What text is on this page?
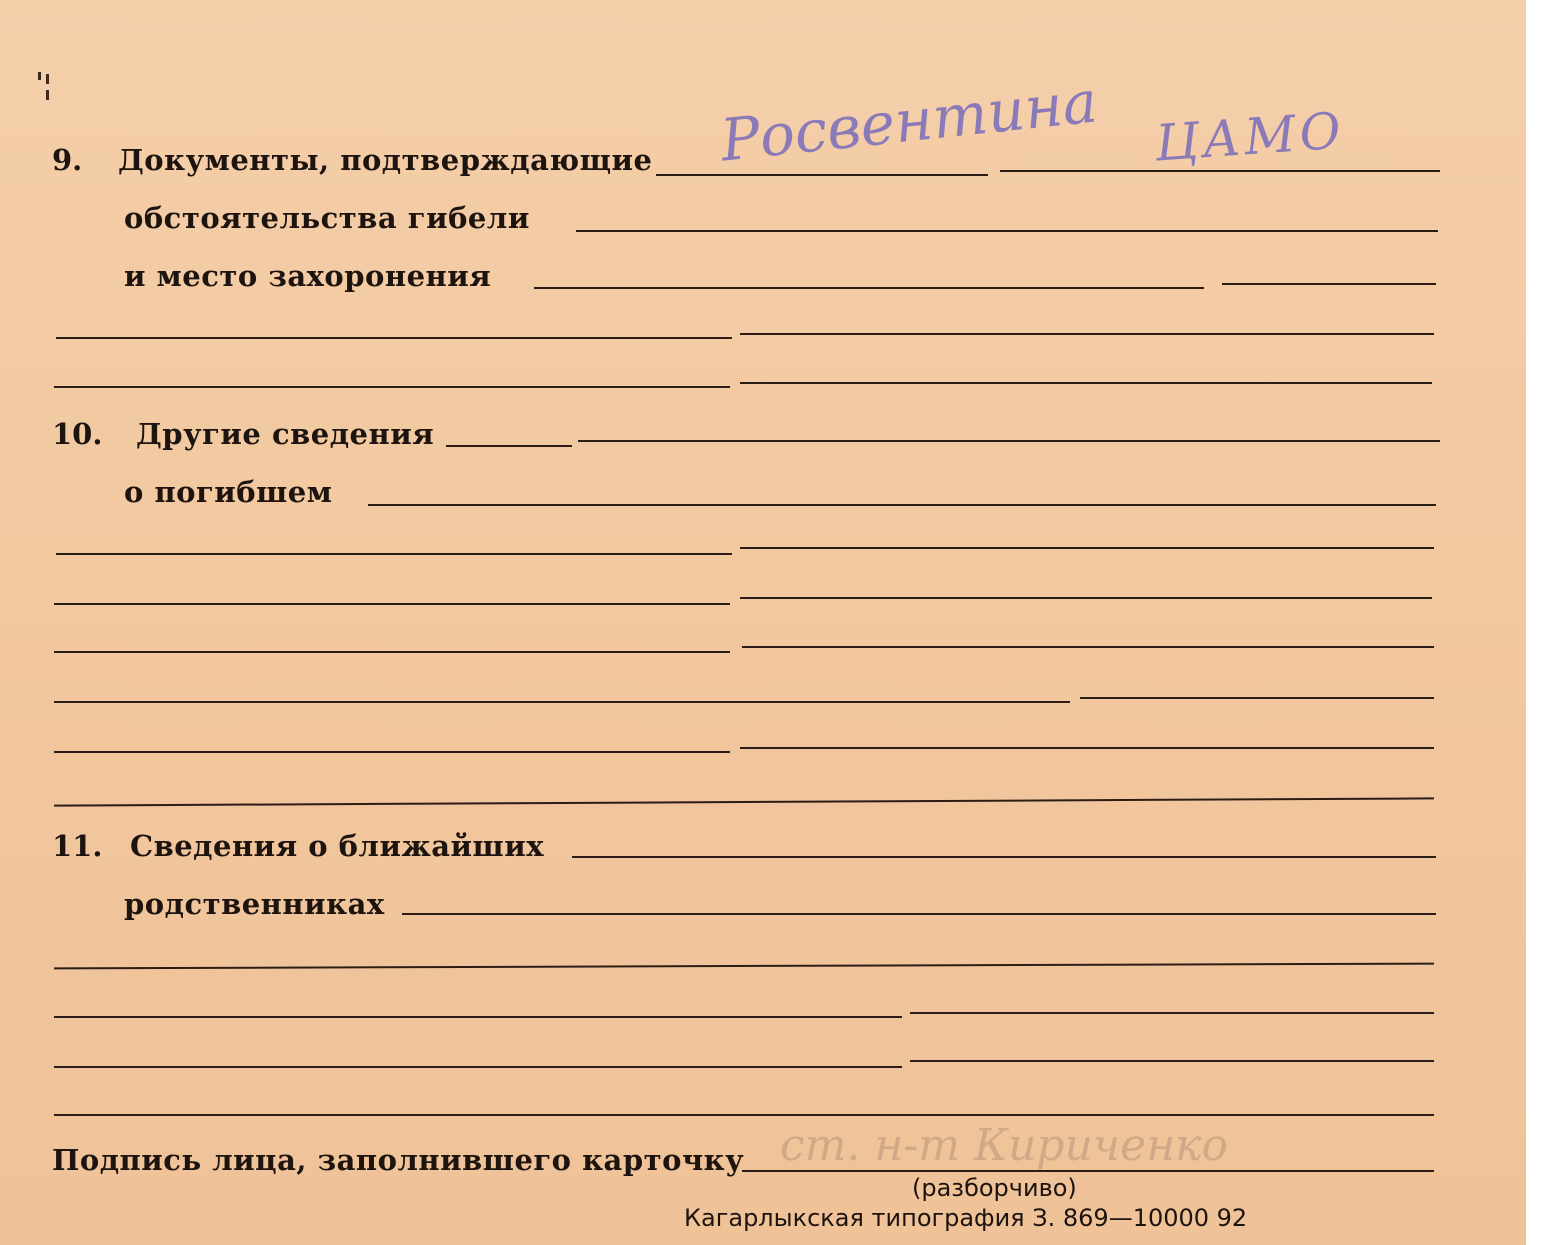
9. Документы, подтверждающие Росвентина ЦАМО
обстоятельства гибели
и место захоронения
10. Другие сведения
о погибшем
11. Сведения о ближайших
родственниках
ст. н-т Кириченко
Подпись лица, заполнившего карточку
(разборчиво)
Кагарлыкская типография З. 869—10000 92
